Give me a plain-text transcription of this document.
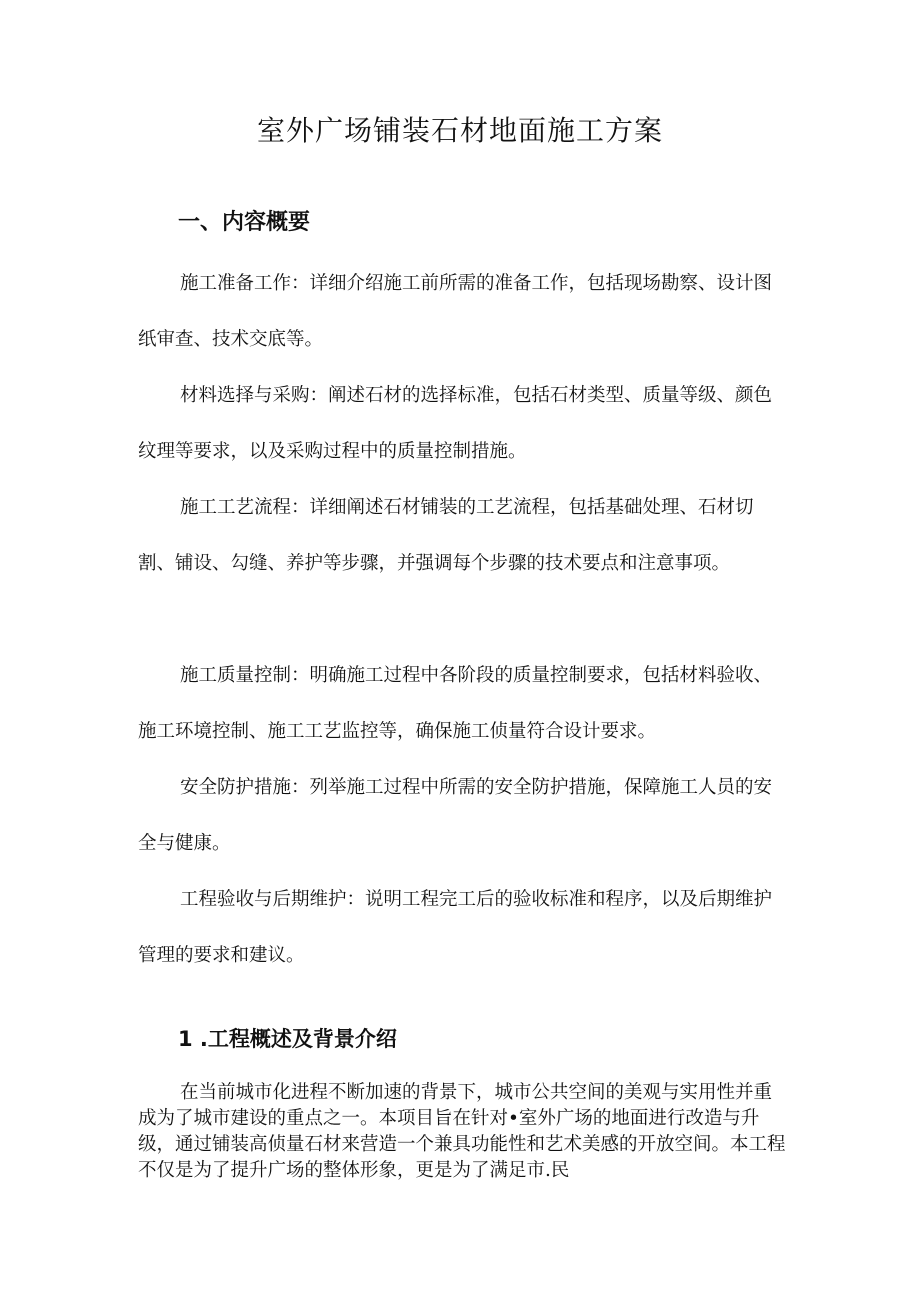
室外广场铺装石材地面施工方案
一、内容概要

施工准备工作：详细介绍施工前所需的准备工作，包括现场勘察、设计图纸审查、技术交底等。

材料选择与采购：阐述石材的选择标准，包括石材类型、质量等级、颜色纹理等要求，以及采购过程中的质量控制措施。

施工工艺流程：详细阐述石材铺装的工艺流程，包括基础处理、石材切割、铺设、勾缝、养护等步骤，并强调每个步骤的技术要点和注意事项。

施工质量控制：明确施工过程中各阶段的质量控制要求，包括材料验收、施工环境控制、施工工艺监控等，确保施工侦量符合设计要求。

安全防护措施：列举施工过程中所需的安全防护措施，保障施工人员的安全与健康。

工程验收与后期维护：说明工程完工后的验收标准和程序，以及后期维护管理的要求和建议。

1 .工程概述及背景介绍

在当前城市化进程不断加速的背景下，城市公共空间的美观与实用性并重成为了城市建设的重点之一。本项目旨在针对•室外广场的地面进行改造与升级，通过铺装高侦量石材来营造一个兼具功能性和艺术美感的开放空间。本工程不仅是为了提升广场的整体形象，更是为了满足市.民
